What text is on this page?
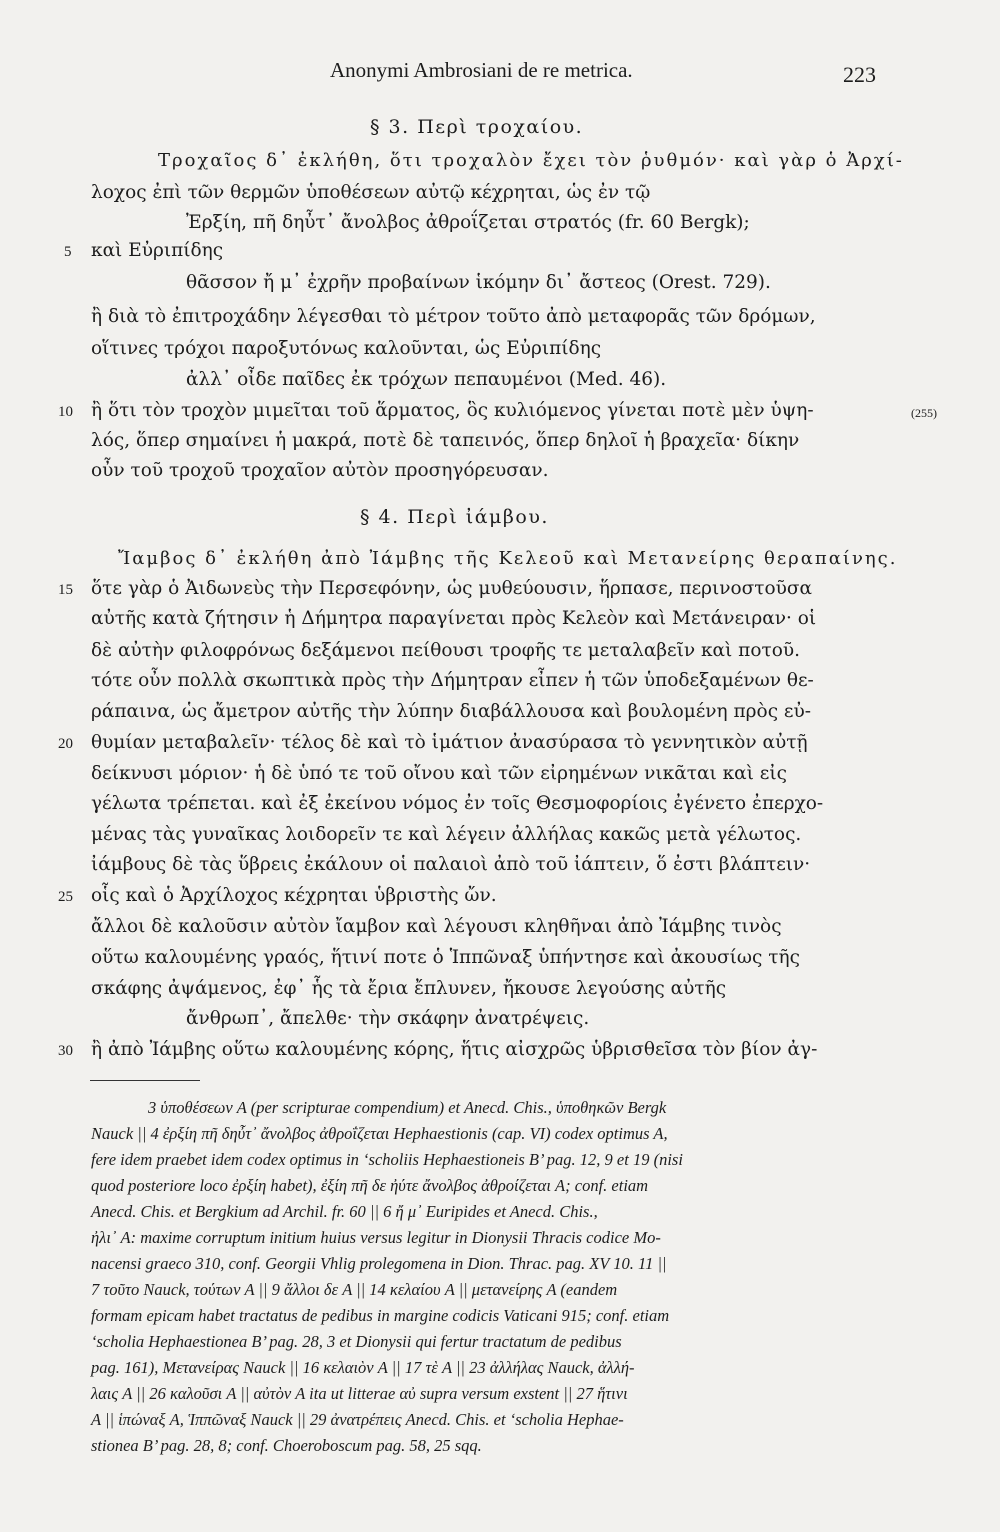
Anonymi Ambrosiani de re metrica.	223
§ 3. Περὶ τροχαίου.
Τροχαῖος δ᾽ ἐκλήθη, ὅτι τροχαλὸν ἔχει τὸν ῥυθμόν· καὶ γὰρ ὁ Ἀρχί-
λοχος ἐπὶ τῶν θερμῶν ὑποθέσεων αὐτῷ κέχρηται, ὡς ἐν τῷ
Ἐρξίη, πῆ δηὖτ᾽ ἄνολβος ἀθροΐζεται στρατός (fr. 60 Bergk);
5 καὶ Εὐριπίδης
θᾶσσον ἤ μ᾽ ἐχρῆν προβαίνων ἱκόμην δι᾽ ἄστεος (Orest. 729).
ἢ διὰ τὸ ἐπιτροχάδην λέγεσθαι τὸ μέτρον τοῦτο ἀπὸ μεταφορᾶς τῶν δρόμων,
οἵτινες τρόχοι παροξυτόνως καλοῦνται, ὡς Εὐριπίδης
ἀλλ᾽ οἶδε παῖδες ἐκ τρόχων πεπαυμένοι (Med. 46).
10 ἢ ὅτι τὸν τροχὸν μιμεῖται τοῦ ἅρματος, ὃς κυλιόμενος γίνεται ποτὲ μὲν ὑψη-	(255)
λός, ὅπερ σημαίνει ἡ μακρά, ποτὲ δὲ ταπεινός, ὅπερ δηλοῖ ἡ βραχεῖα· δίκην
οὖν τοῦ τροχοῦ τροχαῖον αὐτὸν προσηγόρευσαν.
§ 4. Περὶ ἰάμβου.
Ἴαμβος δ᾽ ἐκλήθη ἀπὸ Ἰάμβης τῆς Κελεοῦ καὶ Μετανείρης θεραπαίνης.
15 ὅτε γὰρ ὁ Ἀιδωνεὺς τὴν Περσεφόνην, ὡς μυθεύουσιν, ἥρπασε, περινοστοῦσα
αὐτῆς κατὰ ζήτησιν ἡ Δήμητρα παραγίνεται πρὸς Κελεὸν καὶ Μετάνειραν· οἱ
δὲ αὐτὴν φιλοφρόνως δεξάμενοι πείθουσι τροφῆς τε μεταλαβεῖν καὶ ποτοῦ.
τότε οὖν πολλὰ σκωπτικὰ πρὸς τὴν Δήμητραν εἶπεν ἡ τῶν ὑποδεξαμένων θε-
ράπαινα, ὡς ἄμετρον αὐτῆς τὴν λύπην διαβάλλουσα καὶ βουλομένη πρὸς εὐ-
20 θυμίαν μεταβαλεῖν· τέλος δὲ καὶ τὸ ἱμάτιον ἀνασύρασα τὸ γεννητικὸν αὐτῇ
δείκνυσι μόριον· ἡ δὲ ὑπό τε τοῦ οἴνου καὶ τῶν εἰρημένων νικᾶται καὶ εἰς
γέλωτα τρέπεται. καὶ ἐξ ἐκείνου νόμος ἐν τοῖς Θεσμοφορίοις ἐγένετο ἐπερχο-
μένας τὰς γυναῖκας λοιδορεῖν τε καὶ λέγειν ἀλλήλας κακῶς μετὰ γέλωτος.
ἰάμβους δὲ τὰς ὕβρεις ἐκάλουν οἱ παλαιοὶ ἀπὸ τοῦ ἰάπτειν, ὅ ἐστι βλάπτειν·
25 οἷς καὶ ὁ Ἀρχίλοχος κέχρηται ὑβριστὴς ὤν.
ἄλλοι δὲ καλοῦσιν αὐτὸν ἴαμβον καὶ λέγουσι κληθῆναι ἀπὸ Ἰάμβης τινὸς
οὕτω καλουμένης γραός, ἥτινί ποτε ὁ Ἱππῶναξ ὑπήντησε καὶ ἀκουσίως τῆς
σκάφης ἀψάμενος, ἐφ᾽ ἧς τὰ ἔρια ἔπλυνεν, ἤκουσε λεγούσης αὐτῆς
ἄνθρωπ᾽, ἄπελθε· τὴν σκάφην ἀνατρέψεις.
30 ἢ ἀπὸ Ἰάμβης οὕτω καλουμένης κόρης, ἥτις αἰσχρῶς ὑβρισθεῖσα τὸν βίον ἀγ-
3 ὑποθέσεων A (per scripturae compendium) et Anecd. Chis., ὑποθηκῶν Bergk
Nauck || 4 ἐρξίη πῆ δηὖτ᾽ ἄνολβος ἀθροΐζεται Hephaestionis (cap. VI) codex optimus A,
fere idem praebet idem codex optimus in ‘scholiis Hephaestioneis B’ pag. 12, 9 et 19 (nisi
quod posteriore loco ἐρξίη habet), ἐξίη πῆ δε ἠύτε ἄνολβος ἀθροίζεται A; conf. etiam
Anecd. Chis. et Bergkium ad Archil. fr. 60 || 6 ἤ μ᾽ Euripides et Anecd. Chis.,
ἠλι᾽ A: maxime corruptum initium huius versus legitur in Dionysii Thracis codice Mo-
nacensi graeco 310, conf. Georgii Vhlig prolegomena in Dion. Thrac. pag. XV 10. 11 ||
7 τοῦτο Nauck, τούτων A || 9 ἄλλοι δε A || 14 κελαίου A || μετανείρης A (eandem
formam epicam habet tractatus de pedibus in margine codicis Vaticani 915; conf. etiam
‘scholia Hephaestionea B’ pag. 28, 3 et Dionysii qui fertur tractatum de pedibus
pag. 161), Μετανείρας Nauck || 16 κελαιὸν A || 17 τὲ A || 23 ἀλλήλας Nauck, ἀλλή-
λαις A || 26 καλοῦσι A || αὐτὸν A ita ut litterae αὐ supra versum exstent || 27 ἥτινι
A || ἱπώναξ A, Ἱππῶναξ Nauck || 29 ἀνατρέπεις Anecd. Chis. et ‘scholia Hephae-
stionea B’ pag. 28, 8; conf. Choeroboscum pag. 58, 25 sqq.
